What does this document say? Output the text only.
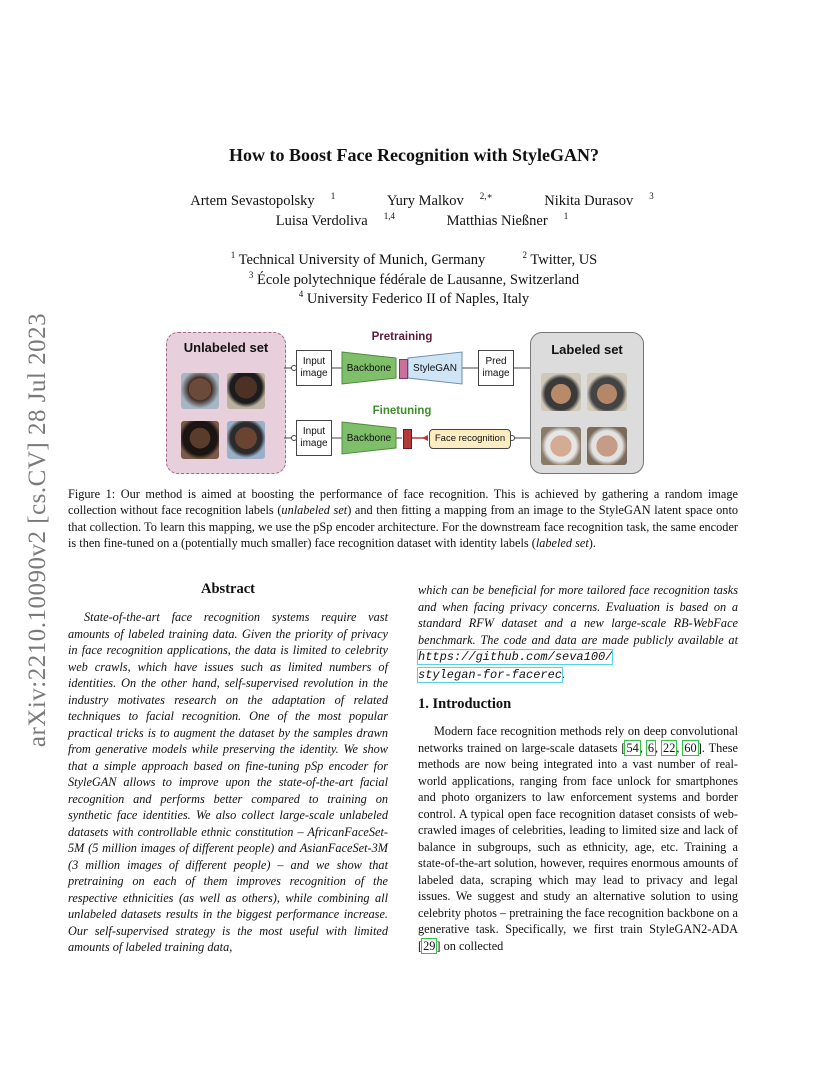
arXiv:2210.10090v2 [cs.CV] 28 Jul 2023
How to Boost Face Recognition with StyleGAN?
Artem Sevastopolsky $^1$	Yury Malkov $^{2,∗}$	Nikita Durasov $^3$
Luisa Verdoliva $^{1,4}$	Matthias Nießner $^1$
$^1$ Technical University of Munich, Germany	$^2$ Twitter, US
$^3$ École polytechnique fédérale de Lausanne, Switzerland
$^4$ University Federico II of Naples, Italy
Unlabeled set	Labeled set
Pretraining
Finetuning
Input
image
Input
image
Backbone
Backbone
StyleGAN
Pred
image
Face recognition
Figure 1: Our method is aimed at boosting the performance of face recognition. This is achieved by gathering a random image collection without face recognition labels (unlabeled set) and then fitting a mapping from an image to the StyleGAN latent space onto that collection. To learn this mapping, we use the pSp encoder architecture. For the downstream face recognition task, the same encoder is then fine-tuned on a (potentially much smaller) face recognition dataset with identity labels (labeled set).
Abstract
State-of-the-art face recognition systems require vast amounts of labeled training data. Given the priority of privacy in face recognition applications, the data is limited to celebrity web crawls, which have issues such as limited numbers of identities. On the other hand, self-supervised revolution in the industry motivates research on the adaptation of related techniques to facial recognition. One of the most popular practical tricks is to augment the dataset by the samples drawn from generative models while preserving the identity. We show that a simple approach based on fine-tuning pSp encoder for StyleGAN allows to improve upon the state-of-the-art facial recognition and performs better compared to training on synthetic face identities. We also collect large-scale unlabeled datasets with controllable ethnic constitution – AfricanFaceSet-5M (5 million images of different people) and AsianFaceSet-3M (3 million images of different people) – and we show that pretraining on each of them improves recognition of the respective ethnicities (as well as others), while combining all unlabeled datasets results in the biggest performance increase. Our self-supervised strategy is the most useful with limited amounts of labeled training data,
which can be beneficial for more tailored face recognition tasks and when facing privacy concerns. Evaluation is based on a standard RFW dataset and a new large-scale RB-WebFace benchmark. The code and data are made publicly available at https://github.com/seva100/
stylegan-for-facerec.
1. Introduction
Modern face recognition methods rely on deep convolutional networks trained on large-scale datasets [54, 6, 22, 60]. These methods are now being integrated into a vast number of real-world applications, ranging from face unlock for smartphones and photo organizers to law enforcement systems and border control. A typical open face recognition dataset consists of web-crawled images of celebrities, leading to limited size and lack of balance in subgroups, such as ethnicity, age, etc. Training a state-of-the-art solution, however, requires enormous amounts of labeled data, scraping which may lead to privacy and legal issues. We suggest and study an alternative solution to using celebrity photos – pretraining the face recognition backbone on a generative task. Specifically, we first train StyleGAN2-ADA [29] on collected
